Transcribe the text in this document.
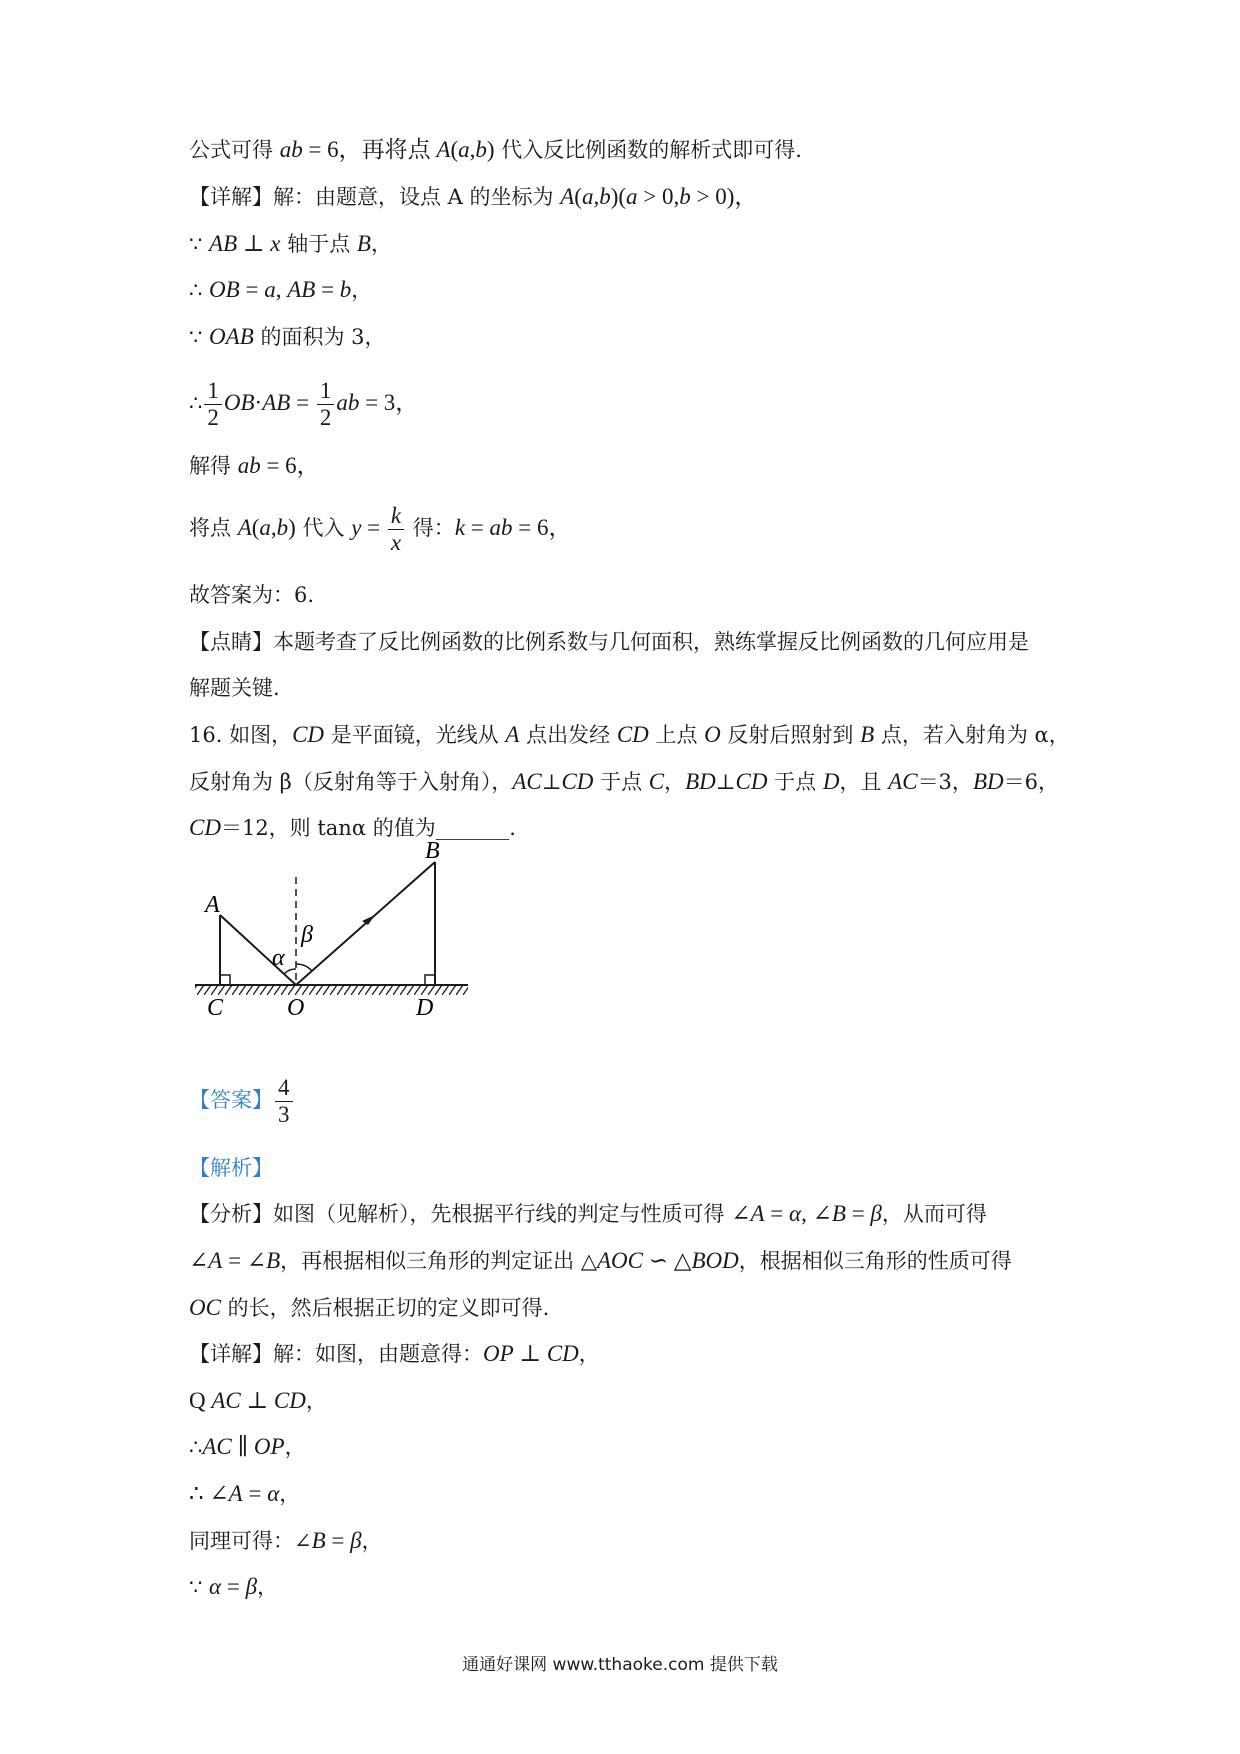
公式可得 ab = 6，再将点 A(a,b) 代入反比例函数的解析式即可得.
【详解】解：由题意，设点 A 的坐标为 A(a,b)(a > 0,b > 0)，
∵ AB ⊥ x 轴于点 B，
∴ OB = a, AB = b，
∵ OAB 的面积为 3，
∴ $\frac{1}{2} OB\cdot AB = \frac{1}{2}$ ab = 3，
解得 ab = 6，
将点 A(a,b) 代入 $y = \frac{k}{x}$ 得：k = ab = 6，
故答案为：6.
【点睛】本题考查了反比例函数的比例系数与几何面积，熟练掌握反比例函数的几何应用是
解题关键.
16. 如图，CD 是平面镜，光线从 A 点出发经 CD 上点 O 反射后照射到 B 点，若入射角为 α，
反射角为 β（反射角等于入射角），AC⊥CD 于点 C，BD⊥CD 于点 D，且 AC＝3，BD＝6，
CD＝12，则 tanα 的值为_______.
A
B
C	O	D
α
β
【答案】 $\frac{4}{3}$
【解析】
【分析】如图（见解析），先根据平行线的判定与性质可得 ∠A = α, ∠B = β，从而可得
∠A = ∠B，再根据相似三角形的判定证出 △AOC ∽ △BOD，根据相似三角形的性质可得
OC 的长，然后根据正切的定义即可得.
【详解】解：如图，由题意得：OP ⊥ CD，
Q AC ⊥ CD，
∴AC ∥ OP，
∴ ∠A = α，
同理可得：∠B = β，
∵ α = β，
通通好课网 www.tthaoke.com 提供下载
